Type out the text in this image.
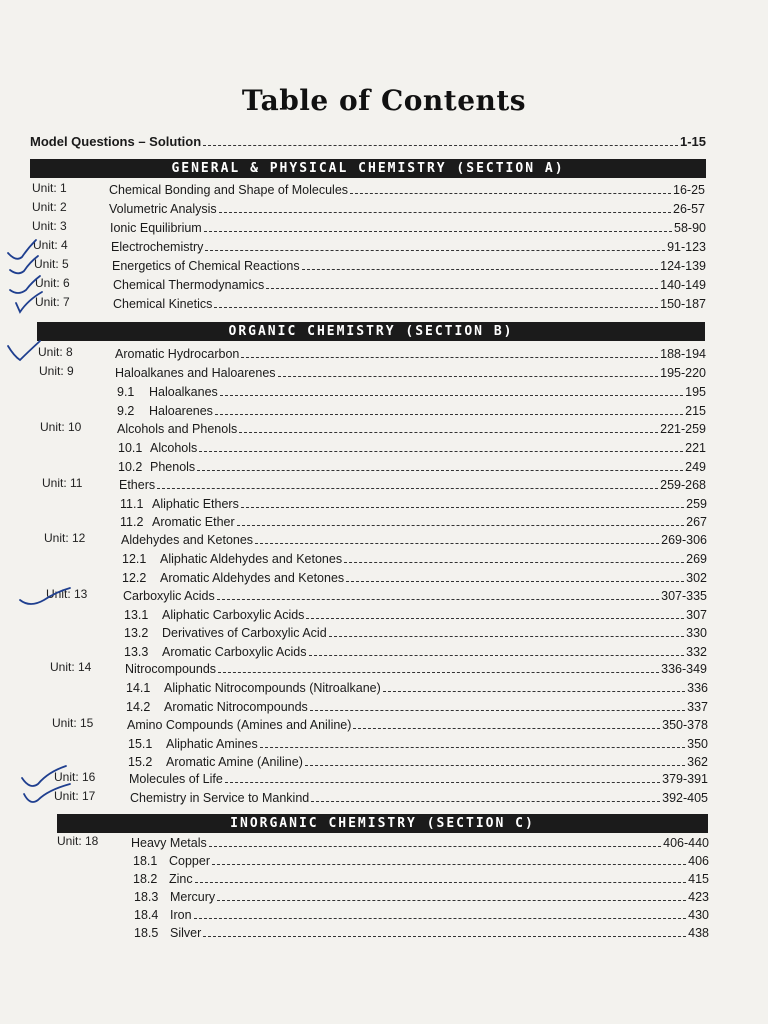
Table of Contents
Model Questions – Solution	1-15
GENERAL & PHYSICAL CHEMISTRY (SECTION A)
Unit: 1	Chemical Bonding and Shape of Molecules	16-25
Unit: 2	Volumetric Analysis	26-57
Unit: 3	Ionic Equilibrium	58-90
Unit: 4	Electrochemistry	91-123
Unit: 5	Energetics of Chemical Reactions	124-139
Unit: 6	Chemical Thermodynamics	140-149
Unit: 7	Chemical Kinetics	150-187
ORGANIC CHEMISTRY (SECTION B)
Unit: 8	Aromatic Hydrocarbon	188-194
Unit: 9	Haloalkanes and Haloarenes	195-220
9.1	Haloalkanes	195
9.2	Haloarenes	215
Unit: 10	Alcohols and Phenols	221-259
10.1 Alcohols	221
10.2 Phenols	249
Unit: 11	Ethers	259-268
11.1 Aliphatic Ethers	259
11.2 Aromatic Ether	267
Unit: 12	Aldehydes and Ketones	269-306
12.1	Aliphatic Aldehydes and Ketones	269
12.2	Aromatic Aldehydes and Ketones	302
Unit: 13	Carboxylic Acids	307-335
13.1	Aliphatic Carboxylic Acids	307
13.2	Derivatives of Carboxylic Acid	330
13.3	Aromatic Carboxylic Acids	332
Unit: 14	Nitrocompounds	336-349
14.1	Aliphatic Nitrocompounds (Nitroalkane)	336
14.2	Aromatic Nitrocompounds	337
Unit: 15	Amino Compounds (Amines and Aniline)	350-378
15.1	Aliphatic Amines	350
15.2	Aromatic Amine (Aniline)	362
Unit: 16	Molecules of Life	379-391
Unit: 17	Chemistry in Service to Mankind	392-405
INORGANIC CHEMISTRY (SECTION C)
Unit: 18	Heavy Metals	406-440
18.1 Copper	406
18.2 Zinc	415
18.3 Mercury	423
18.4 Iron	430
18.5 Silver	438
